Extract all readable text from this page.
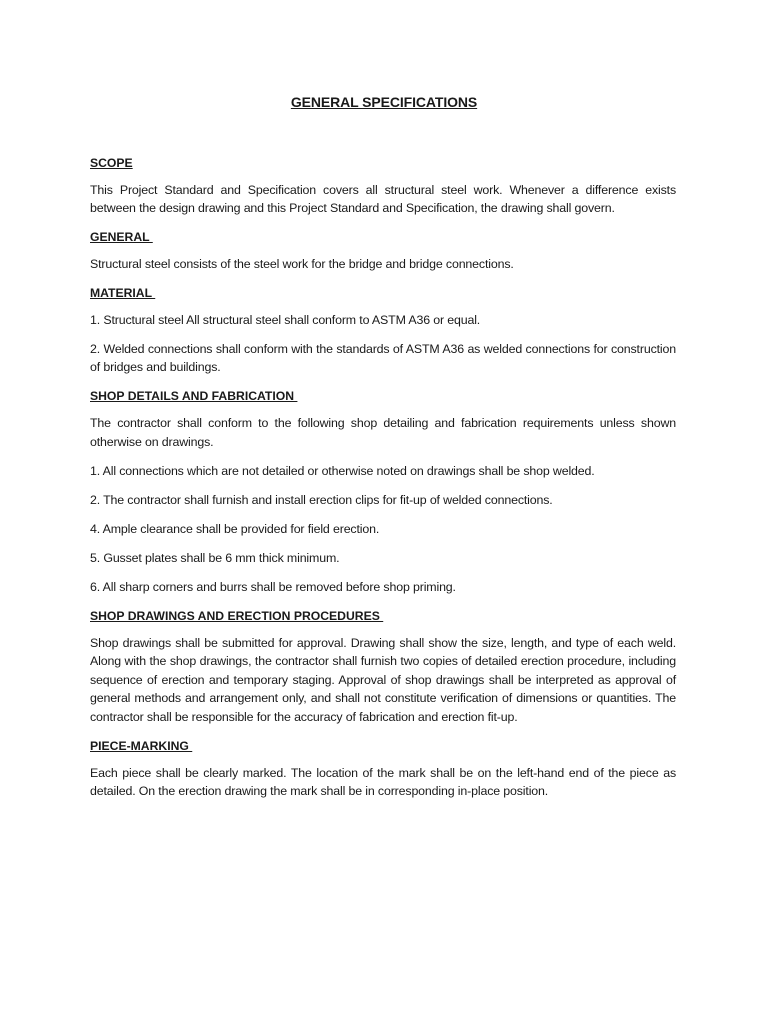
GENERAL SPECIFICATIONS
SCOPE
This Project Standard and Specification covers all structural steel work. Whenever a difference exists between the design drawing and this Project Standard and Specification, the drawing shall govern.
GENERAL
Structural steel consists of the steel work for the bridge and bridge connections.
MATERIAL
1. Structural steel All structural steel shall conform to ASTM A36 or equal.
2. Welded connections shall conform with the standards of ASTM A36 as welded connections for construction of bridges and buildings.
SHOP DETAILS AND FABRICATION
The contractor shall conform to the following shop detailing and fabrication requirements unless shown otherwise on drawings.
1. All connections which are not detailed or otherwise noted on drawings shall be shop welded.
2. The contractor shall furnish and install erection clips for fit-up of welded connections.
4. Ample clearance shall be provided for field erection.
5. Gusset plates shall be 6 mm thick minimum.
6. All sharp corners and burrs shall be removed before shop priming.
SHOP DRAWINGS AND ERECTION PROCEDURES
Shop drawings shall be submitted for approval. Drawing shall show the size, length, and type of each weld. Along with the shop drawings, the contractor shall furnish two copies of detailed erection procedure, including sequence of erection and temporary staging. Approval of shop drawings shall be interpreted as approval of general methods and arrangement only, and shall not constitute verification of dimensions or quantities. The contractor shall be responsible for the accuracy of fabrication and erection fit-up.
PIECE-MARKING
Each piece shall be clearly marked. The location of the mark shall be on the left-hand end of the piece as detailed. On the erection drawing the mark shall be in corresponding in-place position.
